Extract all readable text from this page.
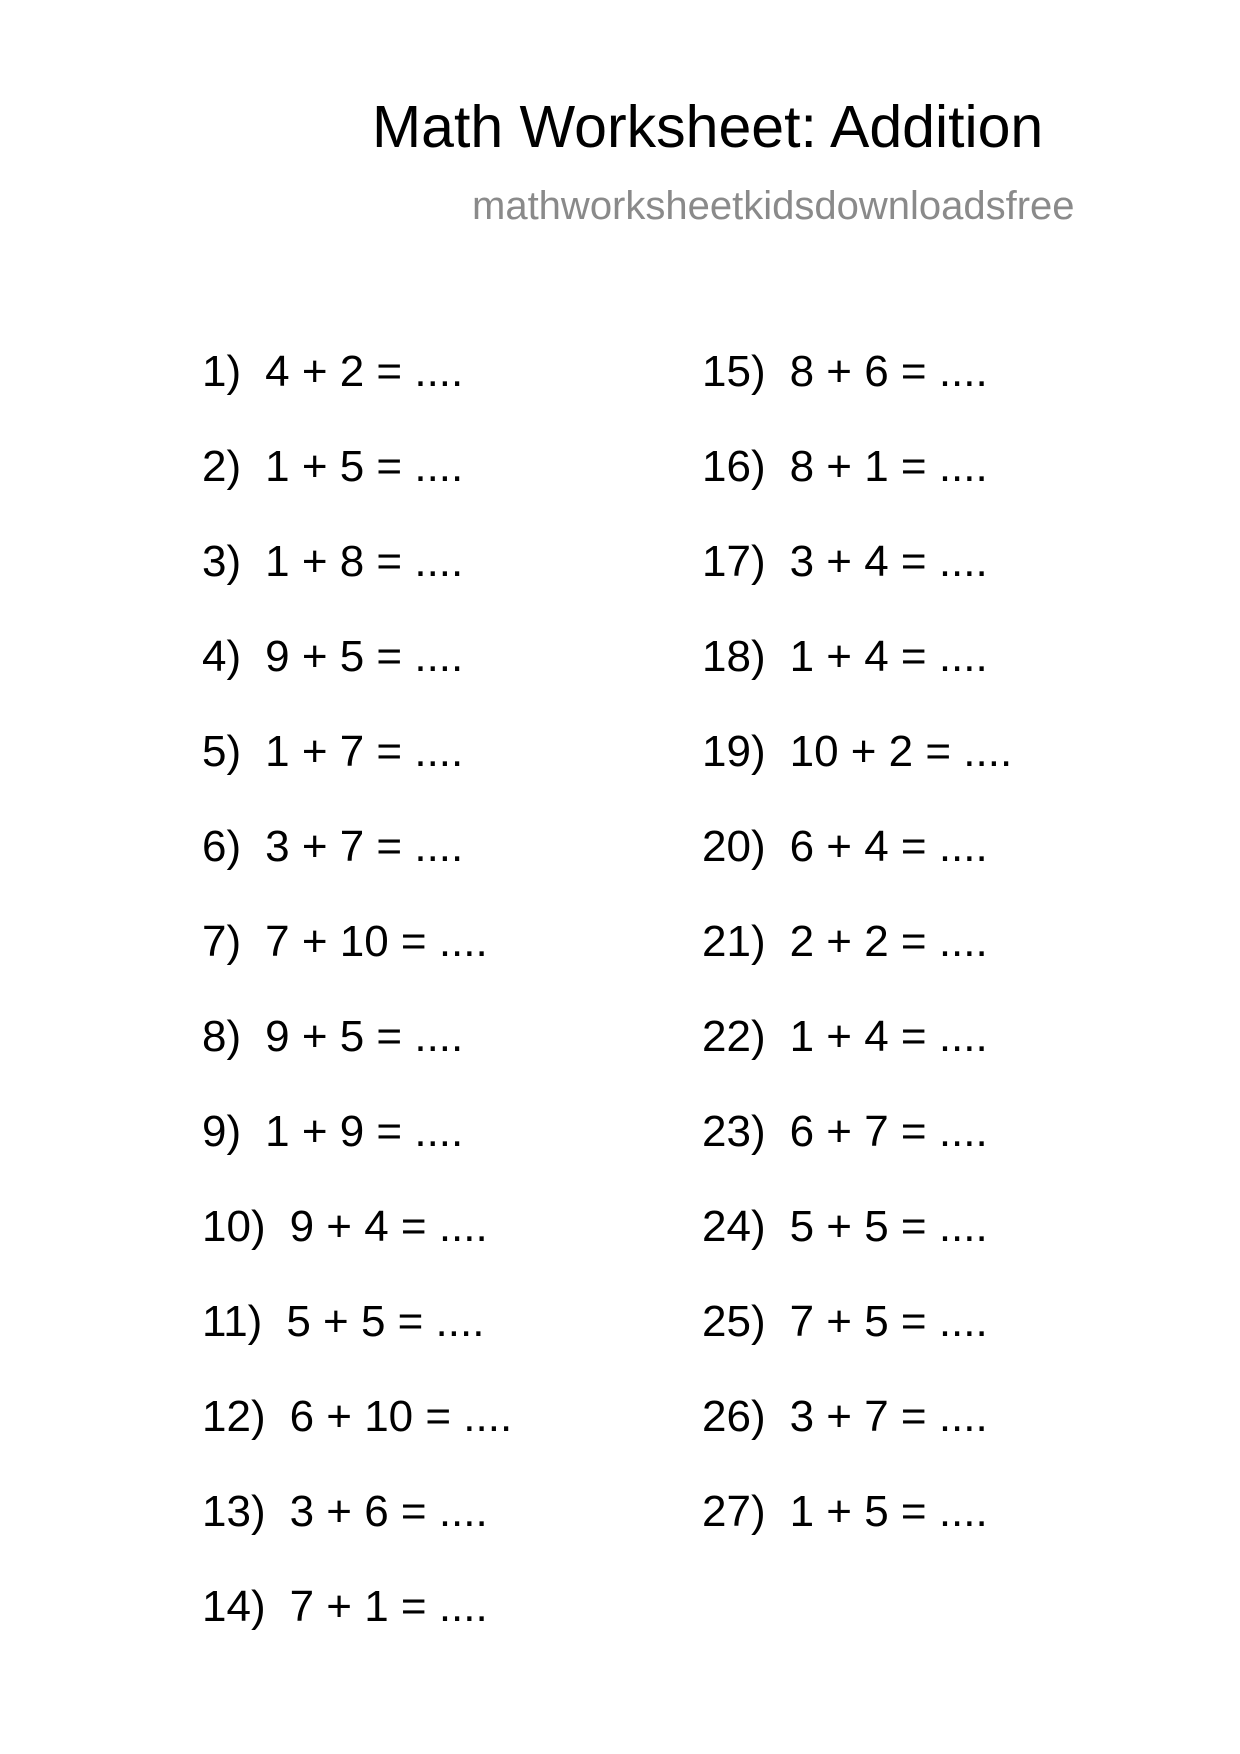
Math Worksheet: Addition
mathworksheetkidsdownloadsfree
1) 4 + 2 = ....
2) 1 + 5 = ....
3) 1 + 8 = ....
4) 9 + 5 = ....
5) 1 + 7 = ....
6) 3 + 7 = ....
7) 7 + 10 = ....
8) 9 + 5 = ....
9) 1 + 9 = ....
10) 9 + 4 = ....
11) 5 + 5 = ....
12) 6 + 10 = ....
13) 3 + 6 = ....
14) 7 + 1 = ....
15) 8 + 6 = ....
16) 8 + 1 = ....
17) 3 + 4 = ....
18) 1 + 4 = ....
19) 10 + 2 = ....
20) 6 + 4 = ....
21) 2 + 2 = ....
22) 1 + 4 = ....
23) 6 + 7 = ....
24) 5 + 5 = ....
25) 7 + 5 = ....
26) 3 + 7 = ....
27) 1 + 5 = ....
